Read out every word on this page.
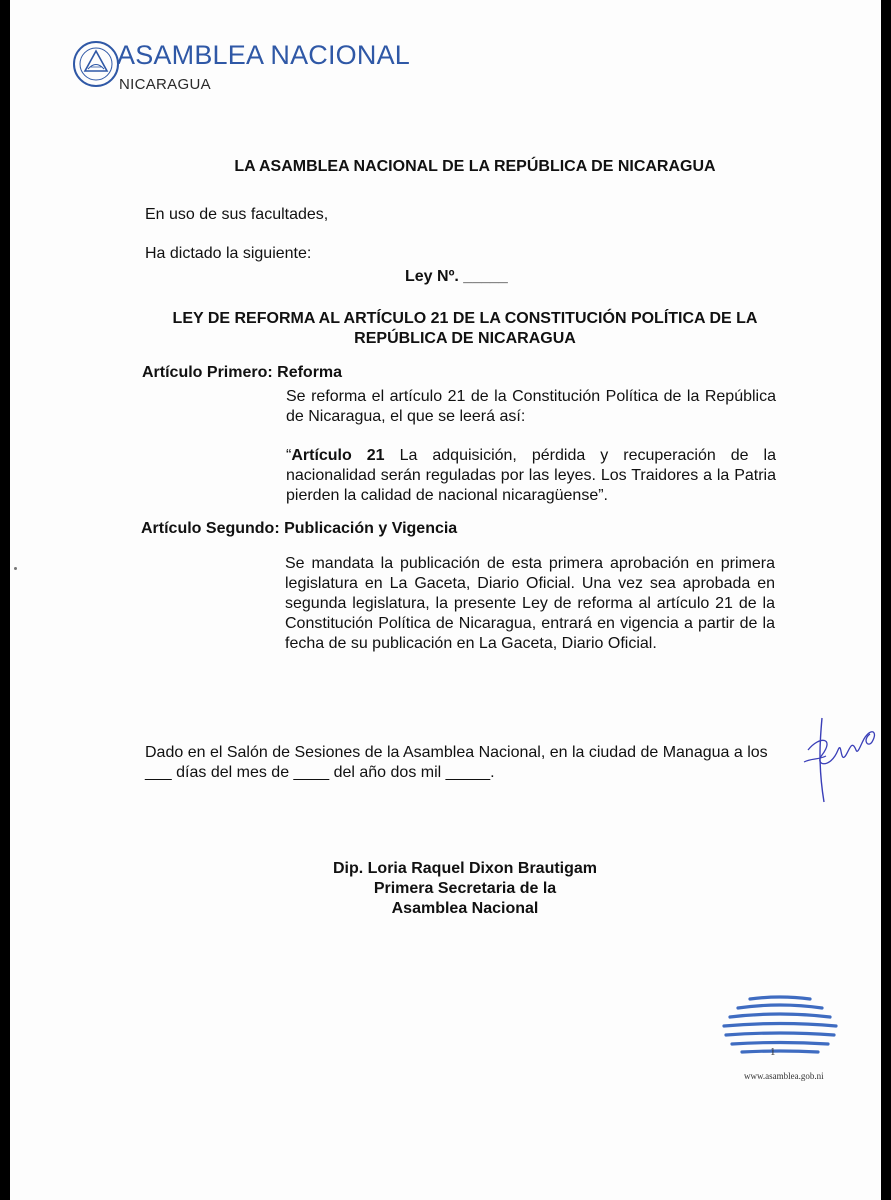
ASAMBLEA NACIONAL
NICARAGUA
LA ASAMBLEA NACIONAL DE LA REPÚBLICA DE NICARAGUA
En uso de sus facultades,
Ha dictado la siguiente:
Ley Nº. _____
LEY DE REFORMA AL ARTÍCULO 21 DE LA CONSTITUCIÓN POLÍTICA DE LA REPÚBLICA DE NICARAGUA
Artículo Primero: Reforma
Se reforma el artículo 21 de la Constitución Política de la República de Nicaragua, el que se leerá así:
“Artículo 21 La adquisición, pérdida y recuperación de la nacionalidad serán reguladas por las leyes. Los Traidores a la Patria pierden la calidad de nacional nicaragüense”.
Artículo Segundo: Publicación y Vigencia
Se mandata la publicación de esta primera aprobación en primera legislatura en La Gaceta, Diario Oficial. Una vez sea aprobada en segunda legislatura, la presente Ley de reforma al artículo 21 de la Constitución Política de Nicaragua, entrará en vigencia a partir de la fecha de su publicación en La Gaceta, Diario Oficial.
Dado en el Salón de Sesiones de la Asamblea Nacional, en la ciudad de Managua a los ___ días del mes de ____ del año dos mil _____.
Dip. Loria Raquel Dixon Brautigam
Primera Secretaria de la
Asamblea Nacional
1
www.asamblea.gob.ni
